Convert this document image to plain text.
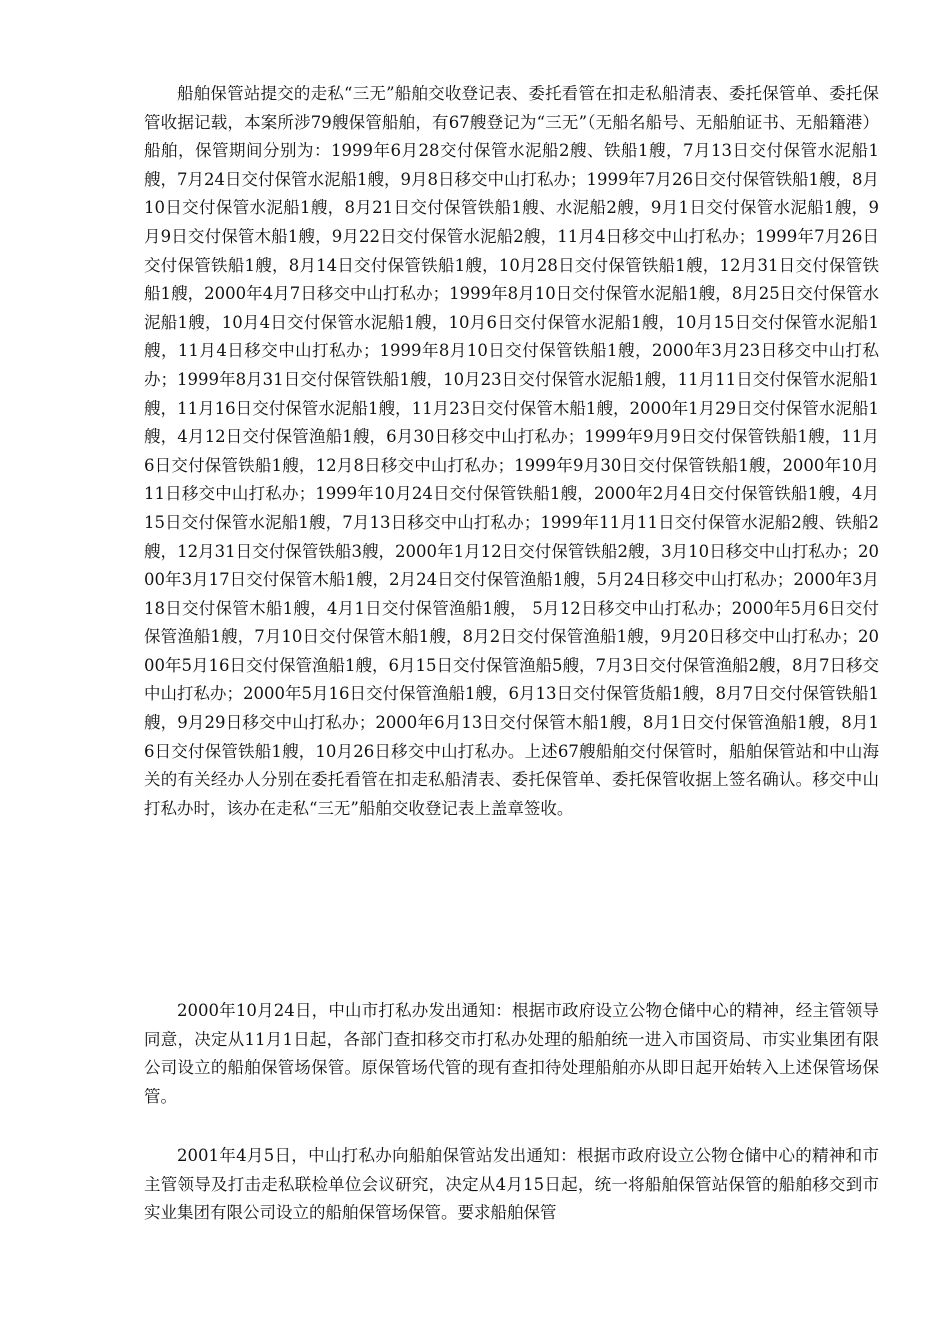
船舶保管站提交的走私“三无”船舶交收登记表、委托看管在扣走私船清表、委托保管单、委托保管收据记载，本案所涉79艘保管船舶，有67艘登记为“三无”（无船名船号、无船舶证书、无船籍港）船舶，保管期间分别为：1999年6月28交付保管水泥船2艘、铁船1艘，7月13日交付保管水泥船1艘，7月24日交付保管水泥船1艘，9月8日移交中山打私办；1999年7月26日交付保管铁船1艘，8月10日交付保管水泥船1艘，8月21日交付保管铁船1艘、水泥船2艘，9月1日交付保管水泥船1艘，9月9日交付保管木船1艘，9月22日交付保管水泥船2艘，11月4日移交中山打私办；1999年7月26日交付保管铁船1艘，8月14日交付保管铁船1艘，10月28日交付保管铁船1艘，12月31日交付保管铁船1艘，2000年4月7日移交中山打私办；1999年8月10日交付保管水泥船1艘，8月25日交付保管水泥船1艘，10月4日交付保管水泥船1艘，10月6日交付保管水泥船1艘，10月15日交付保管水泥船1艘，11月4日移交中山打私办；1999年8月10日交付保管铁船1艘，2000年3月23日移交中山打私办；1999年8月31日交付保管铁船1艘，10月23日交付保管水泥船1艘，11月11日交付保管水泥船1艘，11月16日交付保管水泥船1艘，11月23日交付保管木船1艘，2000年1月29日交付保管水泥船1艘，4月12日交付保管渔船1艘，6月30日移交中山打私办；1999年9月9日交付保管铁船1艘，11月6日交付保管铁船1艘，12月8日移交中山打私办；1999年9月30日交付保管铁船1艘，2000年10月11日移交中山打私办；1999年10月24日交付保管铁船1艘，2000年2月4日交付保管铁船1艘，4月15日交付保管水泥船1艘，7月13日移交中山打私办；1999年11月11日交付保管水泥船2艘、铁船2艘，12月31日交付保管铁船3艘，2000年1月12日交付保管铁船2艘，3月10日移交中山打私办；2000年3月17日交付保管木船1艘，2月24日交付保管渔船1艘，5月24日移交中山打私办；2000年3月18日交付保管木船1艘，4月1日交付保管渔船1艘， 5月12日移交中山打私办；2000年5月6日交付保管渔船1艘，7月10日交付保管木船1艘，8月2日交付保管渔船1艘，9月20日移交中山打私办；2000年5月16日交付保管渔船1艘，6月15日交付保管渔船5艘，7月3日交付保管渔船2艘，8月7日移交中山打私办；2000年5月16日交付保管渔船1艘，6月13日交付保管货船1艘，8月7日交付保管铁船1艘，9月29日移交中山打私办；2000年6月13日交付保管木船1艘，8月1日交付保管渔船1艘，8月16日交付保管铁船1艘，10月26日移交中山打私办。上述67艘船舶交付保管时，船舶保管站和中山海关的有关经办人分别在委托看管在扣走私船清表、委托保管单、委托保管收据上签名确认。移交中山打私办时，该办在走私“三无”船舶交收登记表上盖章签收。

2000年10月24日，中山市打私办发出通知：根据市政府设立公物仓储中心的精神，经主管领导同意，决定从11月1日起，各部门查扣移交市打私办处理的船舶统一进入市国资局、市实业集团有限公司设立的船舶保管场保管。原保管场代管的现有查扣待处理船舶亦从即日起开始转入上述保管场保管。

2001年4月5日，中山打私办向船舶保管站发出通知：根据市政府设立公物仓储中心的精神和市主管领导及打击走私联检单位会议研究，决定从4月15日起，统一将船舶保管站保管的船舶移交到市实业集团有限公司设立的船舶保管场保管。要求船舶保管
